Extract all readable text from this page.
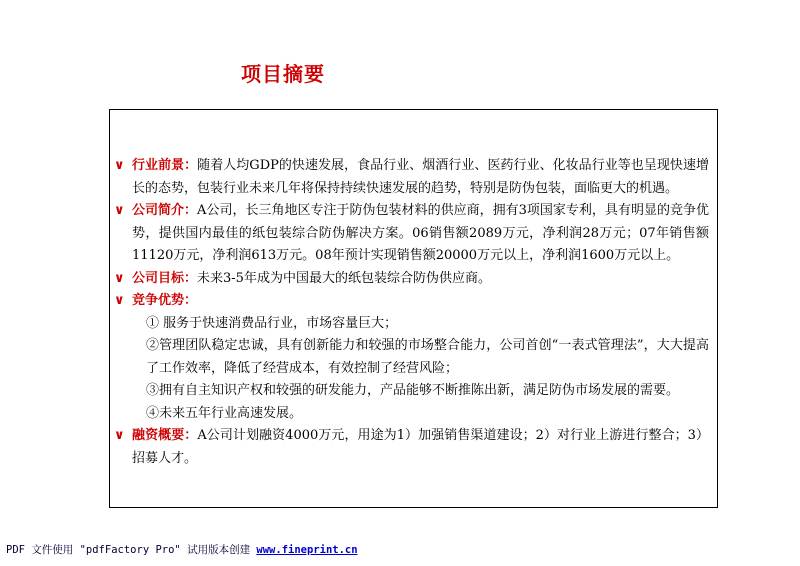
项目摘要
∨ 行业前景：随着人均GDP的快速发展，食品行业、烟酒行业、医药行业、化妆品行业等也呈现快速增长的态势，包装行业未来几年将保持持续快速发展的趋势，特别是防伪包装，面临更大的机遇。
∨ 公司简介：A公司，长三角地区专注于防伪包装材料的供应商，拥有3项国家专利，具有明显的竞争优势，提供国内最佳的纸包装综合防伪解决方案。06销售额2089万元，净利润28万元；07年销售额11120万元，净利润613万元。08年预计实现销售额20000万元以上，净利润1600万元以上。
∨ 公司目标：未来3-5年成为中国最大的纸包装综合防伪供应商。
∨ 竞争优势：
① 服务于快速消费品行业，市场容量巨大；
②管理团队稳定忠诚，具有创新能力和较强的市场整合能力，公司首创“一表式管理法”，大大提高了工作效率，降低了经营成本，有效控制了经营风险；
③拥有自主知识产权和较强的研发能力，产品能够不断推陈出新，满足防伪市场发展的需要。
④未来五年行业高速发展。
∨ 融资概要：A公司计划融资4000万元，用途为1）加强销售渠道建设；2）对行业上游进行整合；3）招募人才。
PDF 文件使用 "pdfFactory Pro" 试用版本创建 www.fineprint.cn
